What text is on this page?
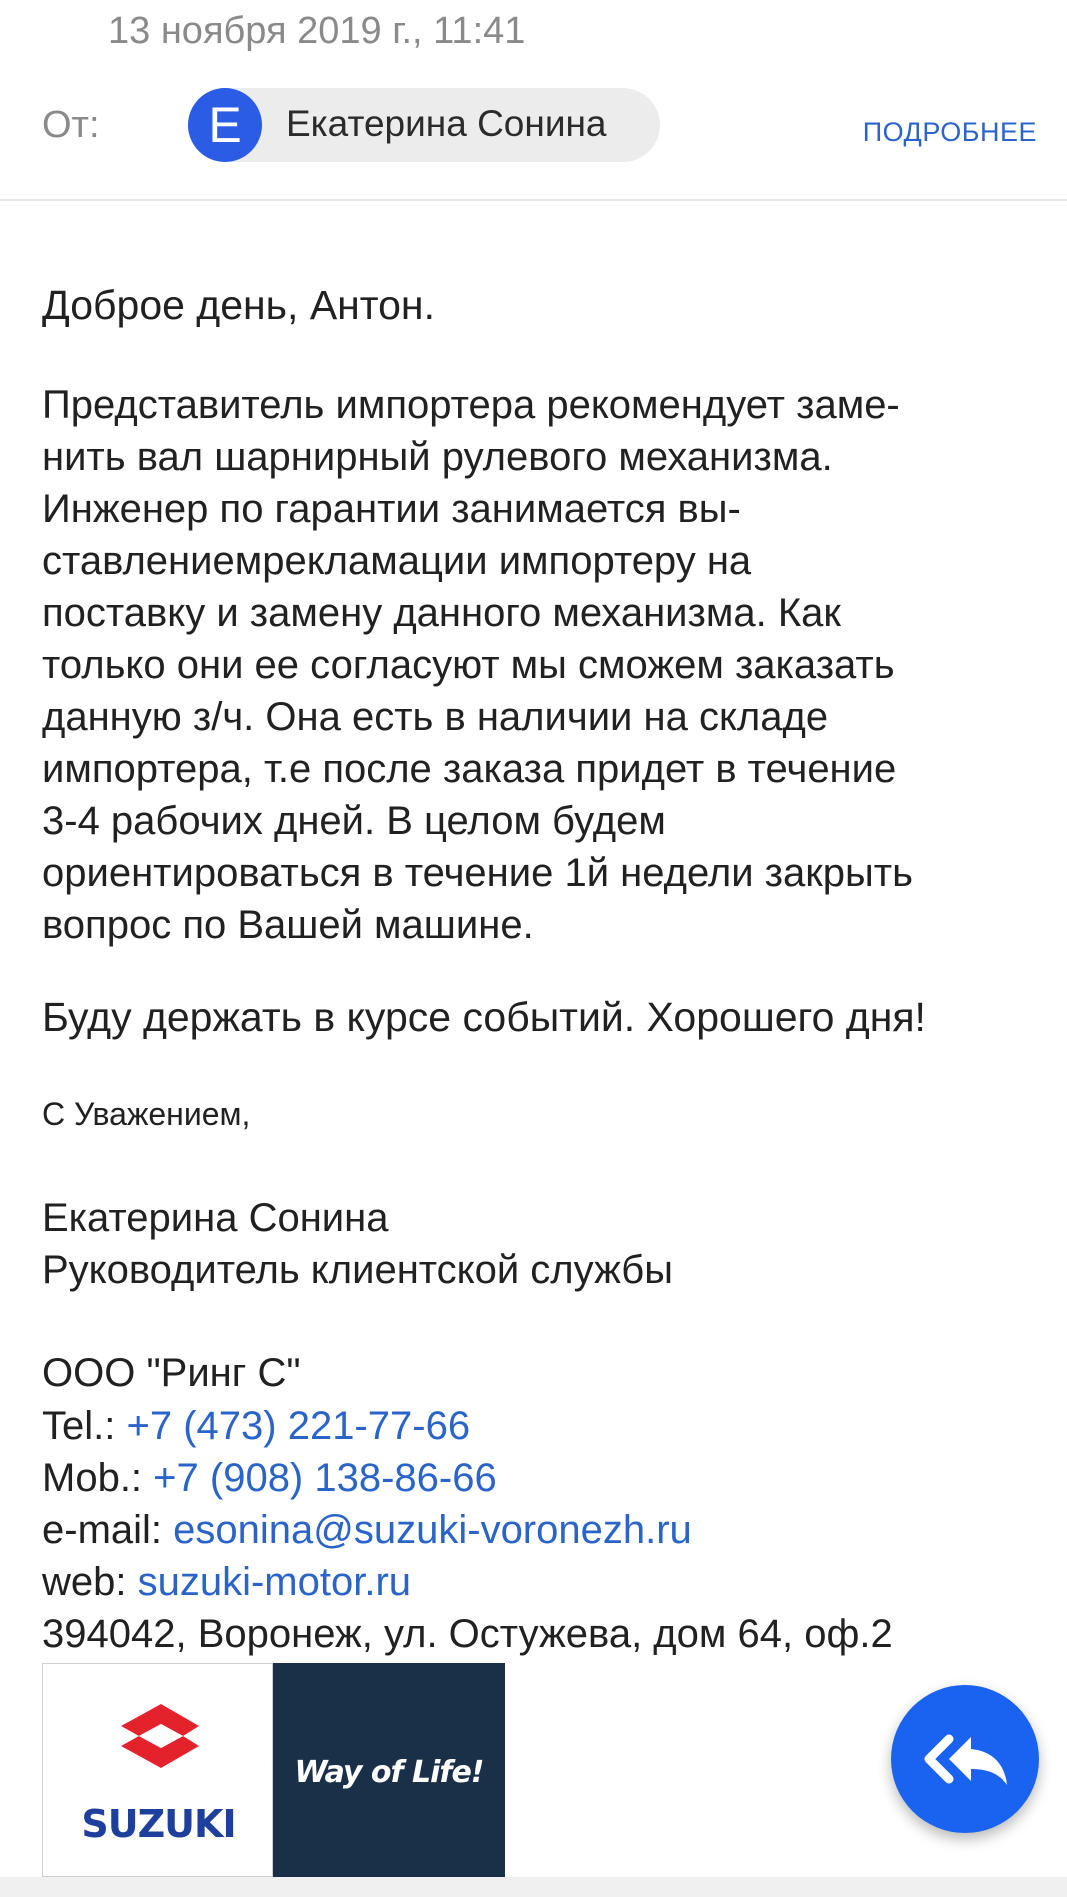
13 ноября 2019 г., 11:41
От:	Е	Екатерина Сонина	ПОДРОБНЕЕ
Доброе день, Антон.
Представитель импортера рекомендует заме-
нить вал шарнирный рулевого механизма.
Инженер по гарантии занимается вы-
ставлениемрекламации импортеру на
поставку и замену данного механизма. Как
только они ее согласуют мы сможем заказать
данную з/ч. Она есть в наличии на складе
импортера, т.е после заказа придет в течение
3-4 рабочих дней. В целом будем
ориентироваться в течение 1й недели закрыть
вопрос по Вашей машине.
Буду держать в курсе событий. Хорошего дня!
С Уважением,
Екатерина Сонина
Руководитель клиентской службы
ООО "Ринг С"
Tel.: +7 (473) 221-77-66
Mob.: +7 (908) 138-86-66
e-mail: esonina@suzuki-voronezh.ru
web: suzuki-motor.ru
394042, Воронеж, ул. Остужева, дом 64, оф.2
SUZUKI
Way of Life!
